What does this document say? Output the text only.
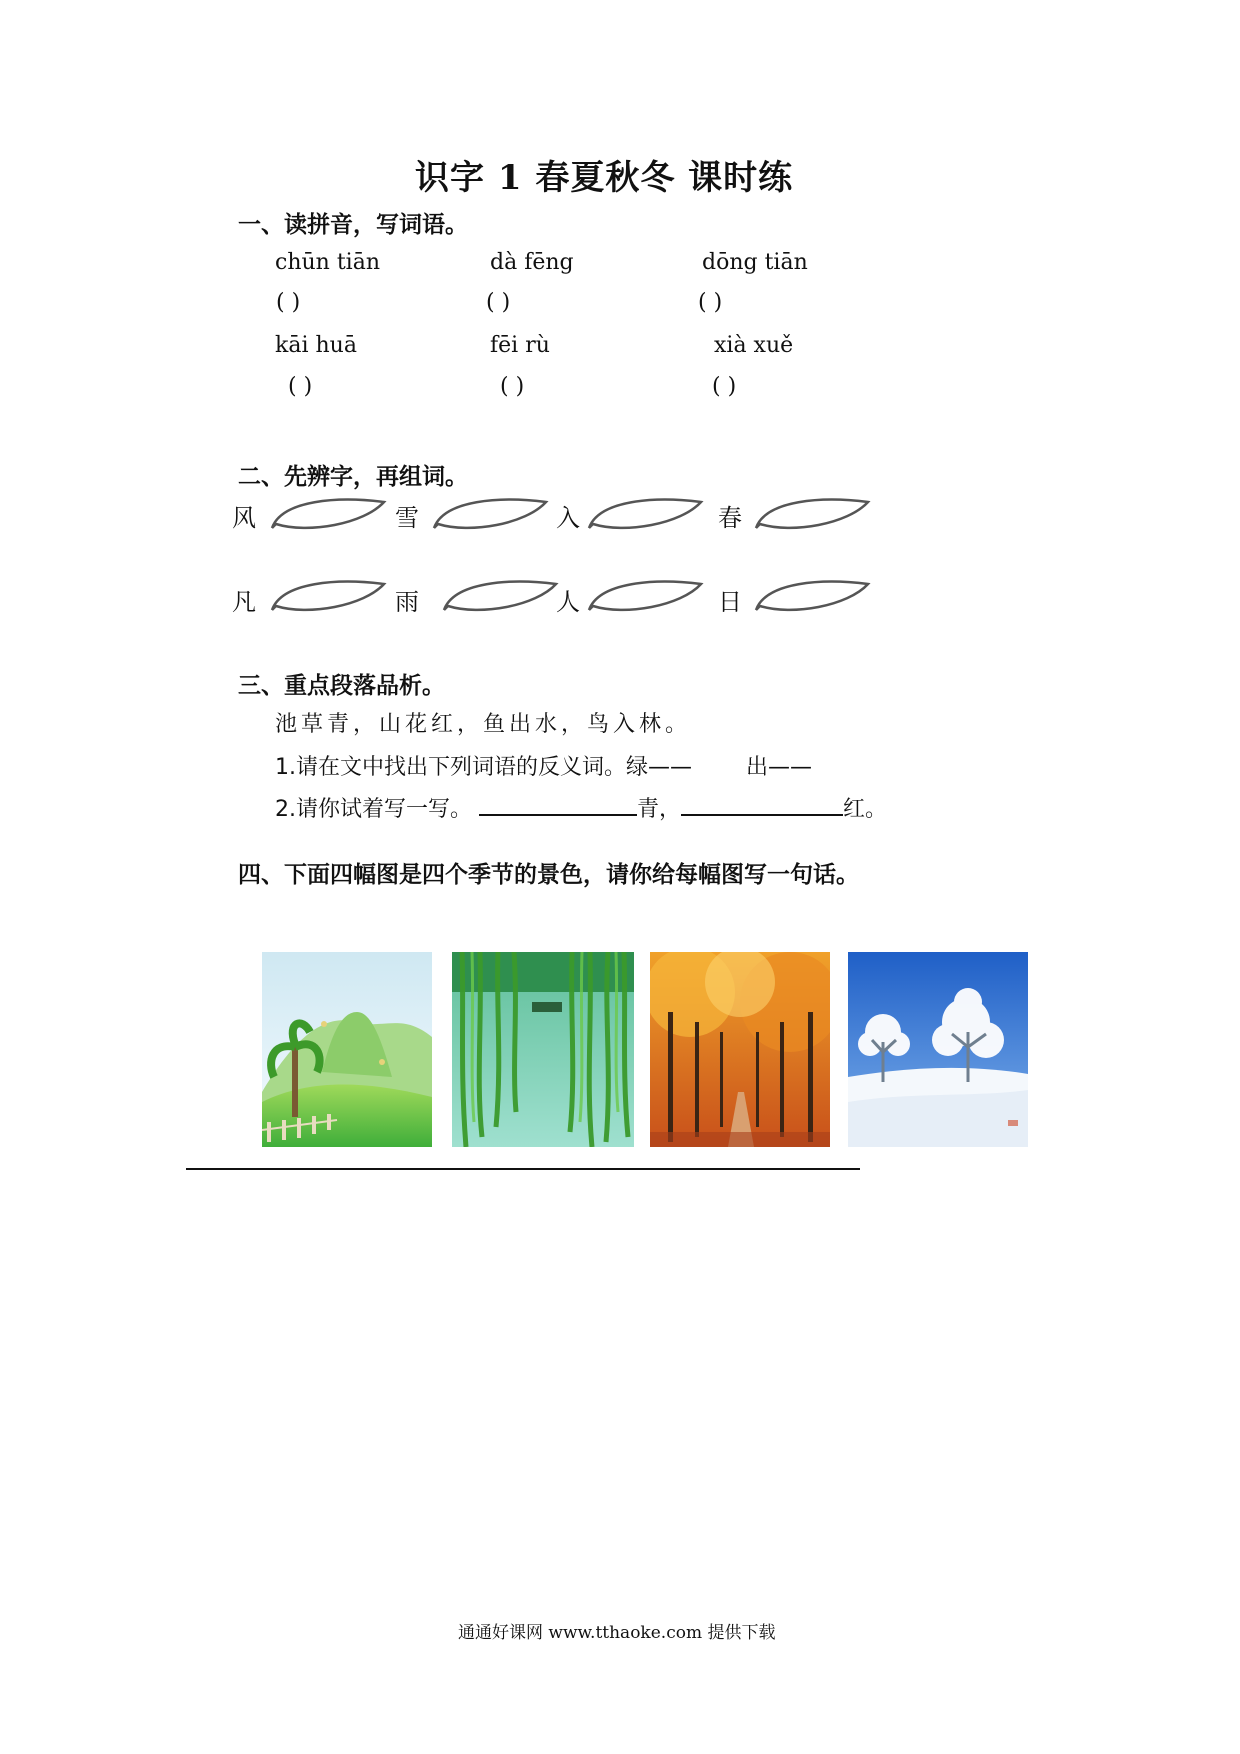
识字 1 春夏秋冬 课时练
一、读拼音，写词语。
chūn tiān	dà fēng	dōng tiān
( )	( )	( )
kāi huā	fēi rù	xià xuě
( )	( )	( )
二、先辨字，再组词。
风	雪	入	春
凡	雨	人	日
三、重点段落品析。
池草青，山花红，鱼出水，鸟入林。
1.请在文中找出下列词语的反义词。绿—— 出——
2.请你试着写一写。	青，	红。
四、下面四幅图是四个季节的景色，请你给每幅图写一句话。
通通好课网 www.tthaoke.com 提供下载
